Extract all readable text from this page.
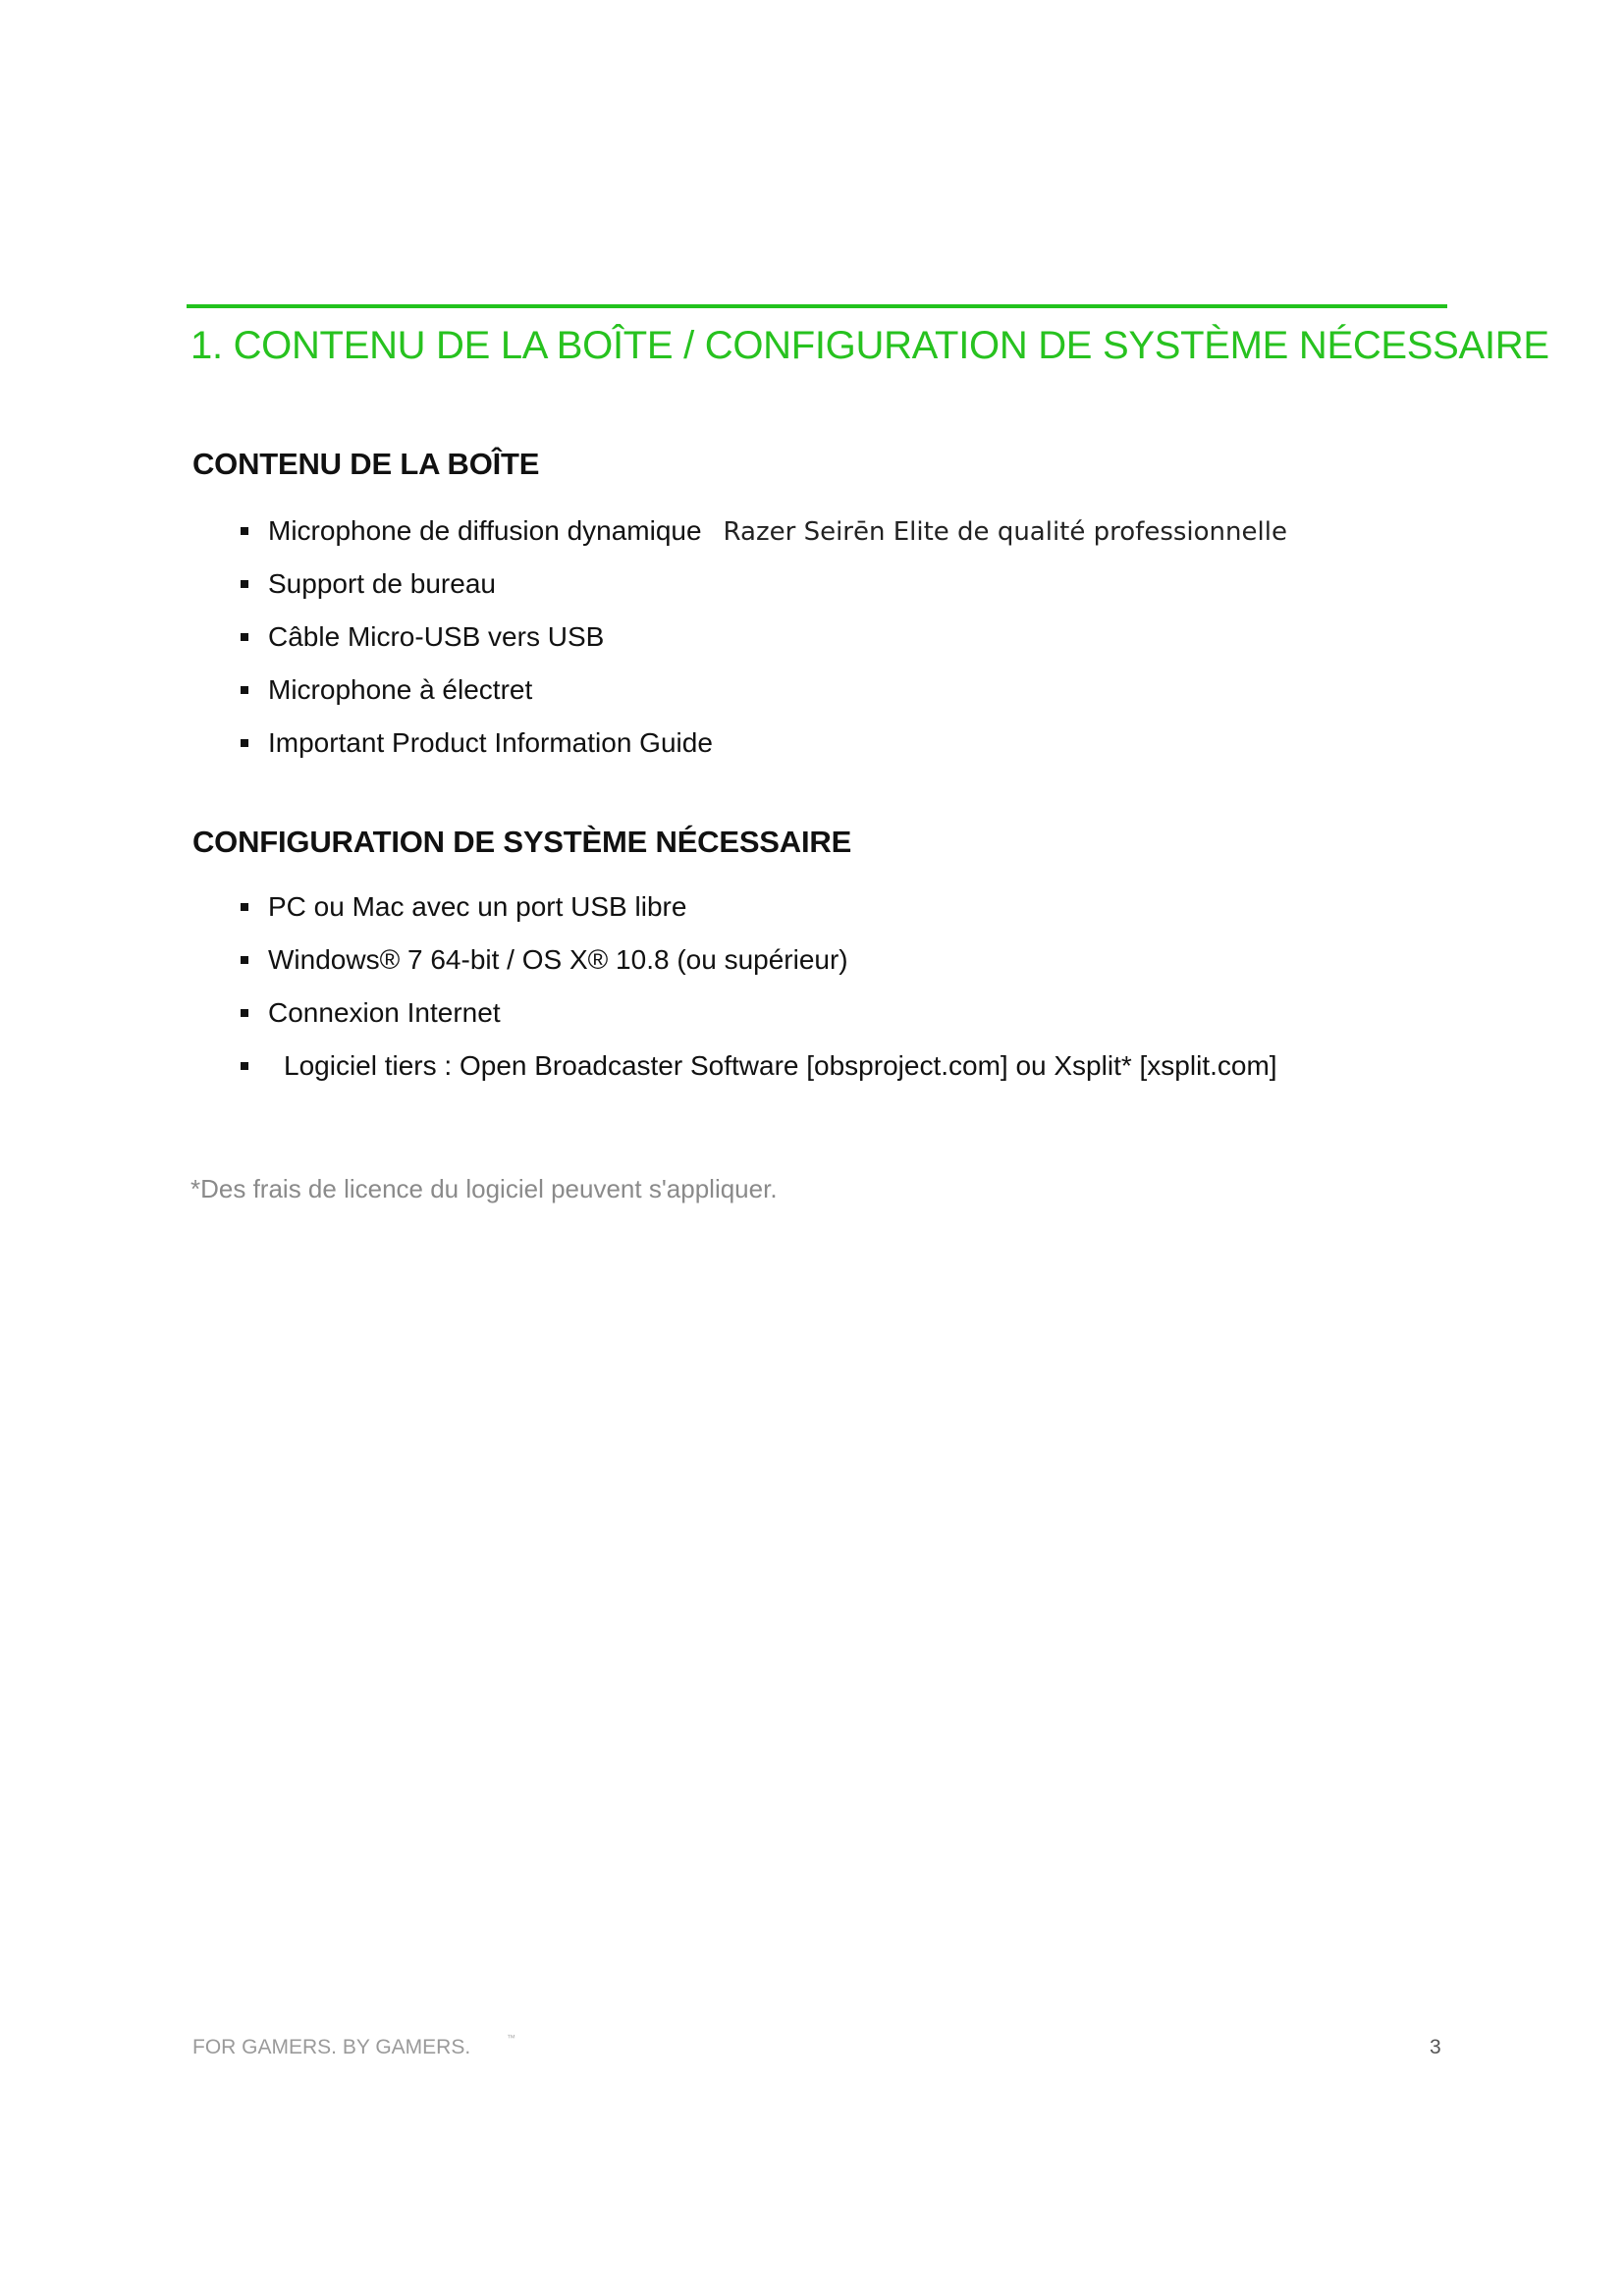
1. CONTENU DE LA BOÎTE / CONFIGURATION DE SYSTÈME NÉCESSAIRE
CONTENU DE LA BOÎTE
Microphone de diffusion dynamique Razer Seirēn Elite de qualité professionnelle
Support de bureau
Câble Micro-USB vers USB
Microphone à électret
Important Product Information Guide
CONFIGURATION DE SYSTÈME NÉCESSAIRE
PC ou Mac avec un port USB libre
Windows® 7 64-bit / OS X® 10.8 (ou supérieur)
Connexion Internet
Logiciel tiers : Open Broadcaster Software [obsproject.com] ou Xsplit* [xsplit.com]
*Des frais de licence du logiciel peuvent s'appliquer.
FOR GAMERS. BY GAMERS.	™	3
